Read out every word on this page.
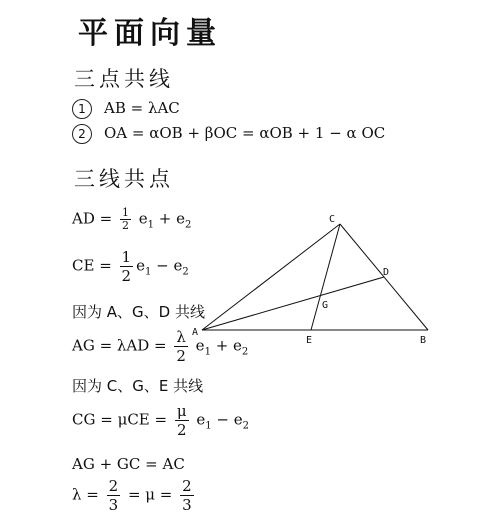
平面向量
三点共线
1 AB = λAC
2 OA = αOB + βOC = αOB + 1 − α OC
三线共点
AD = $\frac{1}{2} e_1 + e_2$
CE = $\frac{1}{2} e_1 - e_2$
因为 A、G、D 共线
AG = $\lambda AD = \frac{\lambda}{2} e_1 + e_2$
因为 C、G、E 共线
CG = $\mu CE = \frac{\mu}{2} e_1 - e_2$
AG + GC = AC
$\lambda = \frac{2}{3} = \mu = \frac{2}{3}$
A
B
C
D
E
G
